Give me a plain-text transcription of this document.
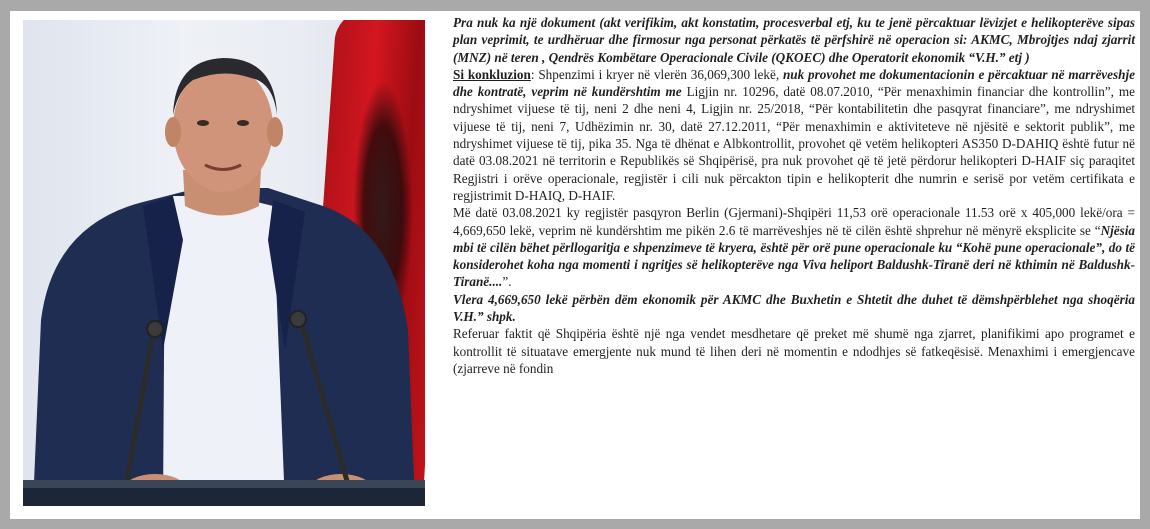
Pra nuk ka një dokument (akt verifikim, akt konstatim, procesverbal etj, ku te jenë përcaktuar lëvizjet e helikopterëve sipas plan veprimit, te urdhëruar dhe firmosur nga personat përkatës të përfshirë në operacion si: AKMC, Mbrojtjes ndaj zjarrit (MNZ) në teren , Qendrës Kombëtare Operacionale Civile (QKOEC) dhe Operatorit ekonomik “V.H.” etj )

Si konkluzion: Shpenzimi i kryer në vlerën 36,069,300 lekë, nuk provohet me dokumentacionin e përcaktuar në marrëveshje dhe kontratë, veprim në kundërshtim me Ligjin nr. 10296, datë 08.07.2010, “Për menaxhimin financiar dhe kontrollin”, me ndryshimet vijuese të tij, neni 2 dhe neni 4, Ligjin nr. 25/2018, “Për kontabilitetin dhe pasqyrat financiare”, me ndryshimet vijuese të tij, neni 7, Udhëzimin nr. 30, datë 27.12.2011, “Për menaxhimin e aktiviteteve në njësitë e sektorit publik”, me ndryshimet vijuese të tij, pika 35. Nga të dhënat e Albkontrollit, provohet që vetëm helikopteri AS350 D-DAHIQ është futur në datë 03.08.2021 në territorin e Republikës së Shqipërisë, pra nuk provohet që të jetë përdorur helikopteri D-HAIF siç paraqitet Regjistri i orëve operacionale, regjistër i cili nuk përcakton tipin e helikopterit dhe numrin e serisë por vetëm certifikata e regjistrimit D-HAIQ, D-HAIF.

Më datë 03.08.2021 ky regjistër pasqyron Berlin (Gjermani)-Shqipëri 11,53 orë operacionale 11.53 orë x 405,000 lekë/ora = 4,669,650 lekë, veprim në kundërshtim me pikën 2.6 të marrëveshjes në të cilën është shprehur në mënyrë eksplicite se “Njësia mbi të cilën bëhet përllogaritja e shpenzimeve të kryera, është për orë pune operacionale ku “Kohë pune operacionale”, do të konsiderohet koha nga momenti i ngritjes së helikopterëve nga Viva heliport Baldushk-Tiranë deri në kthimin në Baldushk-Tiranë....”.

Vlera 4,669,650 lekë përbën dëm ekonomik për AKMC dhe Buxhetin e Shtetit dhe duhet të dëmshpërblehet nga shoqëria V.H.” shpk.

Referuar faktit që Shqipëria është një nga vendet mesdhetare që preket më shumë nga zjarret, planifikimi apo programet e kontrollit të situatave emergjente nuk mund të lihen deri në momentin e ndodhjes së fatkeqësisë. Menaxhimi i emergjencave (zjarreve në fondin
